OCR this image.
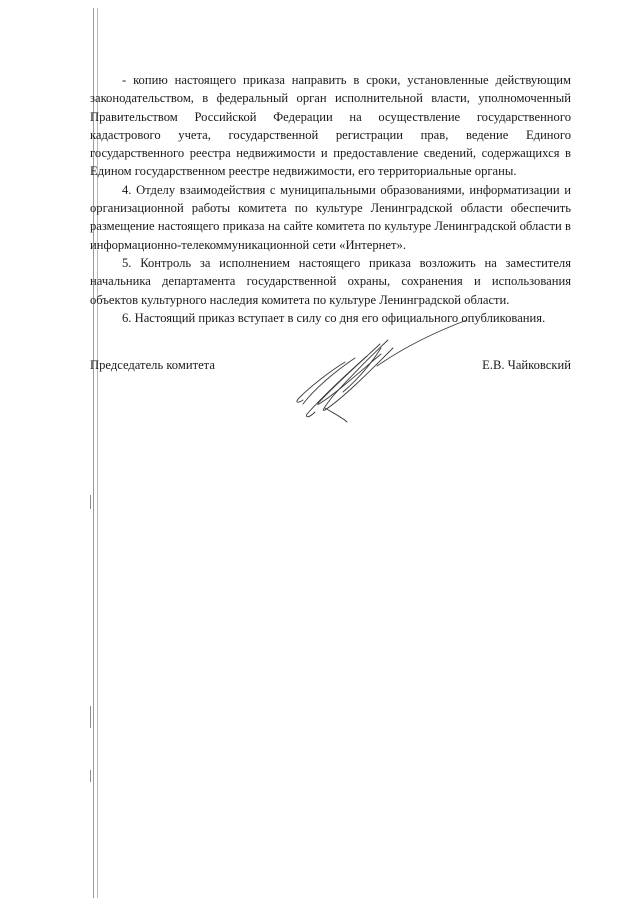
- копию настоящего приказа направить в сроки, установленные действующим законодательством, в федеральный орган исполнительной власти, уполномоченный Правительством Российской Федерации на осуществление государственного кадастрового учета, государственной регистрации прав, ведение Единого государственного реестра недвижимости и предоставление сведений, содержащихся в Едином государственном реестре недвижимости, его территориальные органы.

4. Отделу взаимодействия с муниципальными образованиями, информатизации и организационной работы комитета по культуре Ленинградской области обеспечить размещение настоящего приказа на сайте комитета по культуре Ленинградской области в информационно-телекоммуникационной сети «Интернет».

5. Контроль за исполнением настоящего приказа возложить на заместителя начальника департамента государственной охраны, сохранения и использования объектов культурного наследия комитета по культуре Ленинградской области.

6. Настоящий приказ вступает в силу со дня его официального опубликования.

Председатель комитета	Е.В. Чайковский
